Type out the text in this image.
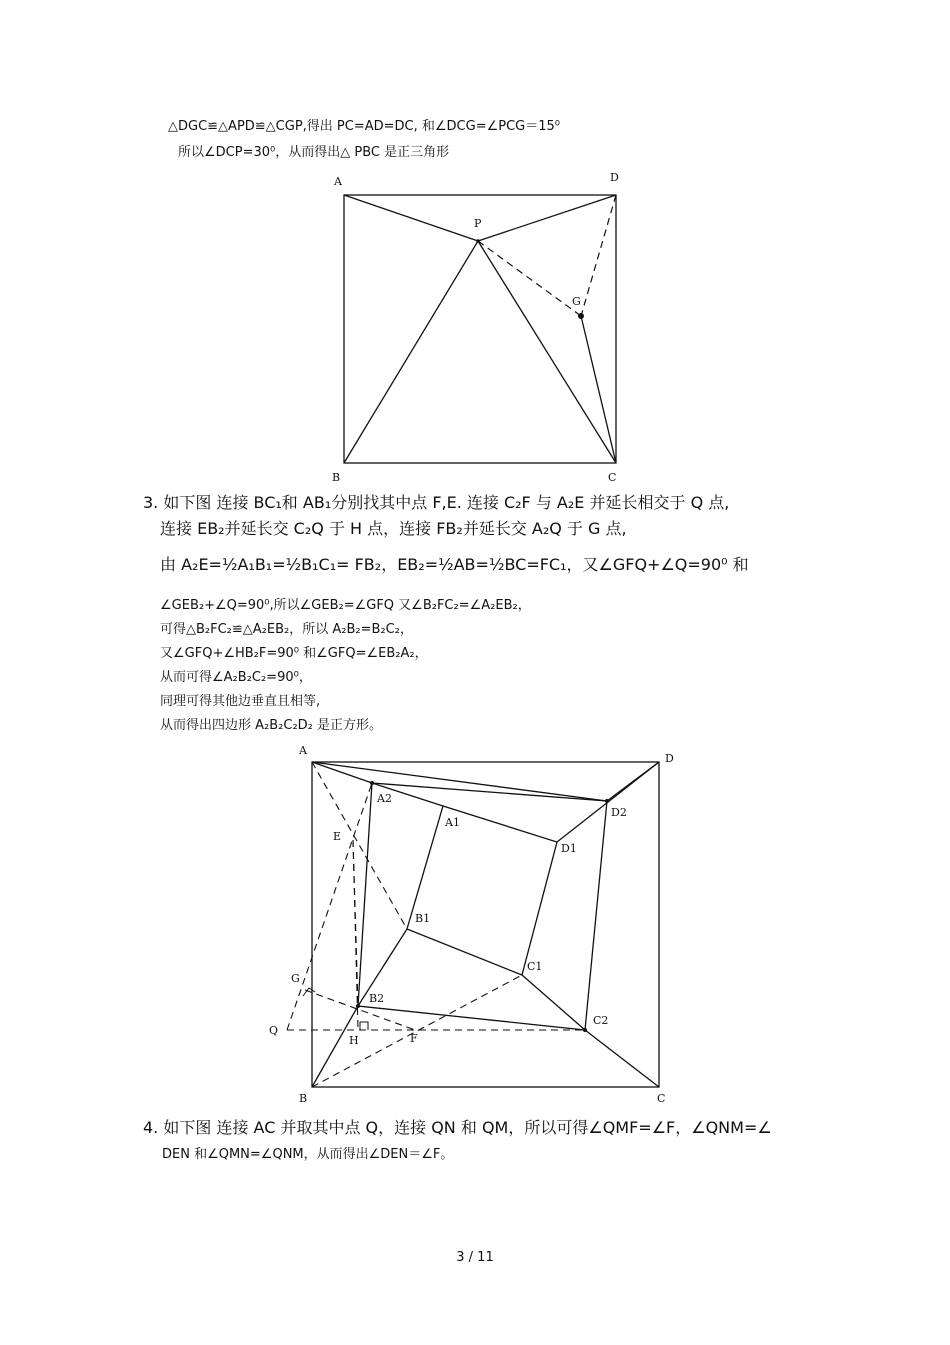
△DGC≌△APD≌△CGP,得出 PC=AD=DC, 和∠DCG=∠PCG＝15⁰
所以∠DCP=30⁰，从而得出△ PBC 是正三角形
A	D
P
G
B	C
3. 如下图 连接 BC₁和 AB₁分别找其中点 F,E. 连接 C₂F 与 A₂E 并延长相交于 Q 点,
连接 EB₂并延长交 C₂Q 于 H 点，连接 FB₂并延长交 A₂Q 于 G 点,
由 A₂E=½A₁B₁=½B₁C₁= FB₂，EB₂=½AB=½BC=FC₁，又∠GFQ+∠Q=90⁰ 和
∠GEB₂+∠Q=90⁰,所以∠GEB₂=∠GFQ 又∠B₂FC₂=∠A₂EB₂，
可得△B₂FC₂≌△A₂EB₂，所以 A₂B₂=B₂C₂，
又∠GFQ+∠HB₂F=90⁰ 和∠GFQ=∠EB₂A₂，
从而可得∠A₂B₂C₂=90⁰，
同理可得其他边垂直且相等,
从而得出四边形 A₂B₂C₂D₂ 是正方形。
A
D
B	C
A1
B1
C1
D1
A2
B2
C2
D2
E
F
G
H
Q
4. 如下图 连接 AC 并取其中点 Q，连接 QN 和 QM，所以可得∠QMF=∠F，∠QNM=∠
DEN 和∠QMN=∠QNM，从而得出∠DEN＝∠F。
3 / 11
